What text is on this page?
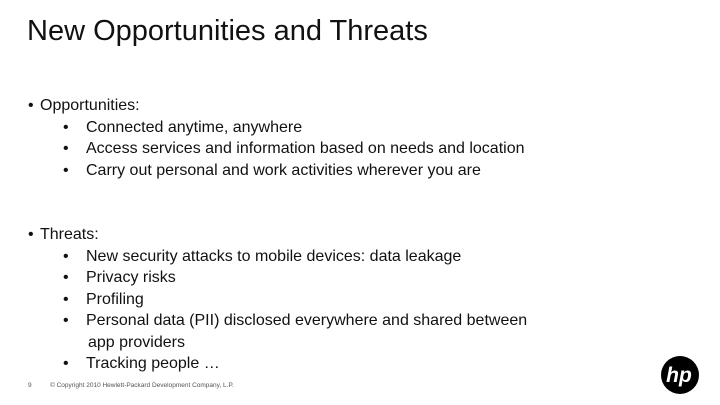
New Opportunities and Threats
• Opportunities:
• Connected anytime, anywhere
• Access services and information based on needs and location
• Carry out personal and work activities wherever you are
• Threats:
• New security attacks to mobile devices: data leakage
• Privacy risks
• Profiling
• Personal data (PII) disclosed everywhere and shared between
app providers
• Tracking people …
9	© Copyright 2010 Hewlett-Packard Development Company, L.P.	hp
